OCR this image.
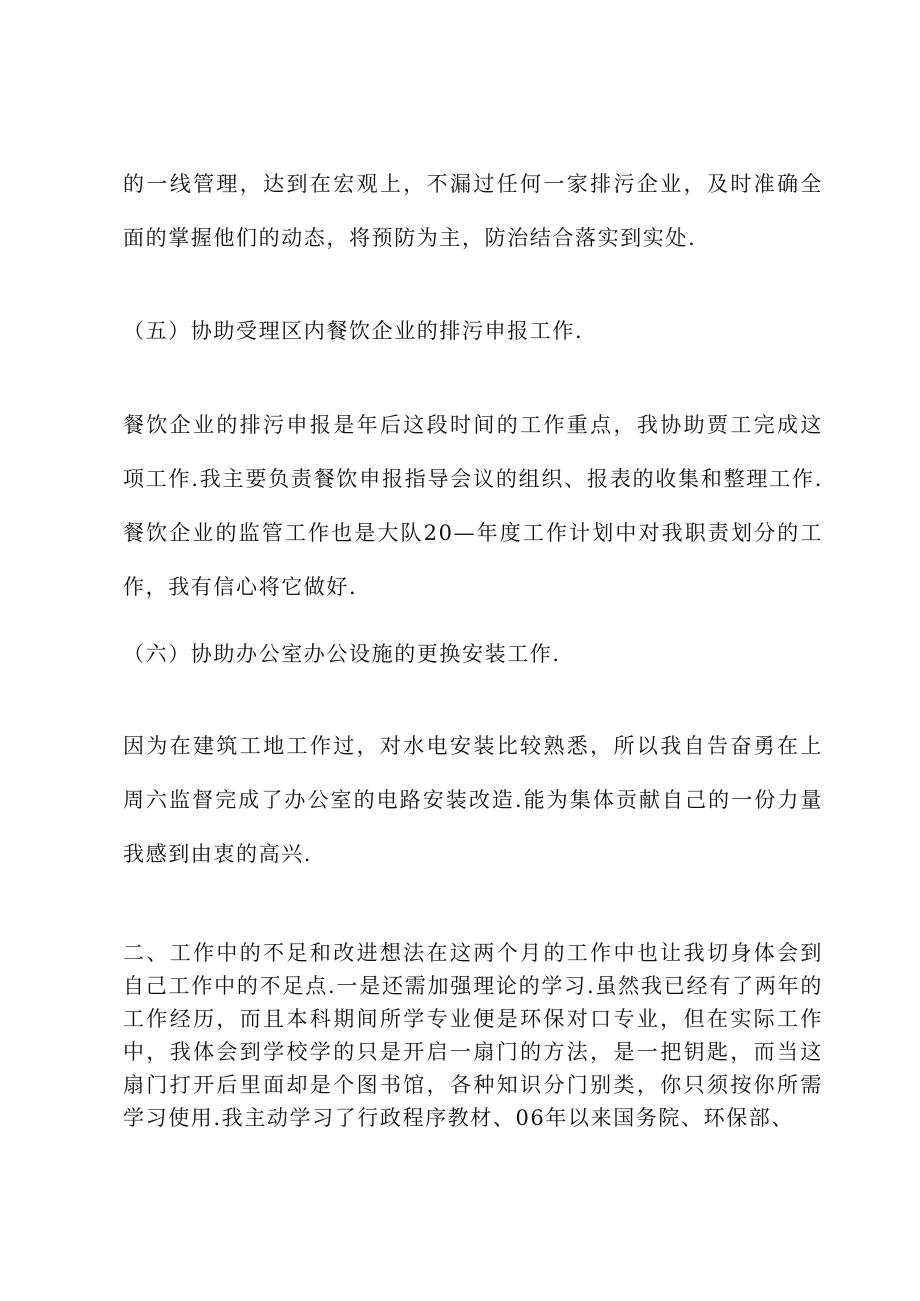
的一线管理，达到在宏观上，不漏过任何一家排污企业，及时准确全面的掌握他们的动态，将预防为主，防治结合落实到实处.

（五）协助受理区内餐饮企业的排污申报工作.

餐饮企业的排污申报是年后这段时间的工作重点，我协助贾工完成这项工作.我主要负责餐饮申报指导会议的组织、报表的收集和整理工作.餐饮企业的监管工作也是大队20—年度工作计划中对我职责划分的工作，我有信心将它做好.

（六）协助办公室办公设施的更换安装工作.

因为在建筑工地工作过，对水电安装比较熟悉，所以我自告奋勇在上周六监督完成了办公室的电路安装改造.能为集体贡献自己的一份力量我感到由衷的高兴.

二、工作中的不足和改进想法在这两个月的工作中也让我切身体会到自己工作中的不足点.一是还需加强理论的学习.虽然我已经有了两年的工作经历，而且本科期间所学专业便是环保对口专业，但在实际工作中，我体会到学校学的只是开启一扇门的方法，是一把钥匙，而当这扇门打开后里面却是个图书馆，各种知识分门别类，你只须按你所需学习使用.我主动学习了行政程序教材、06年以来国务院、环保部、
